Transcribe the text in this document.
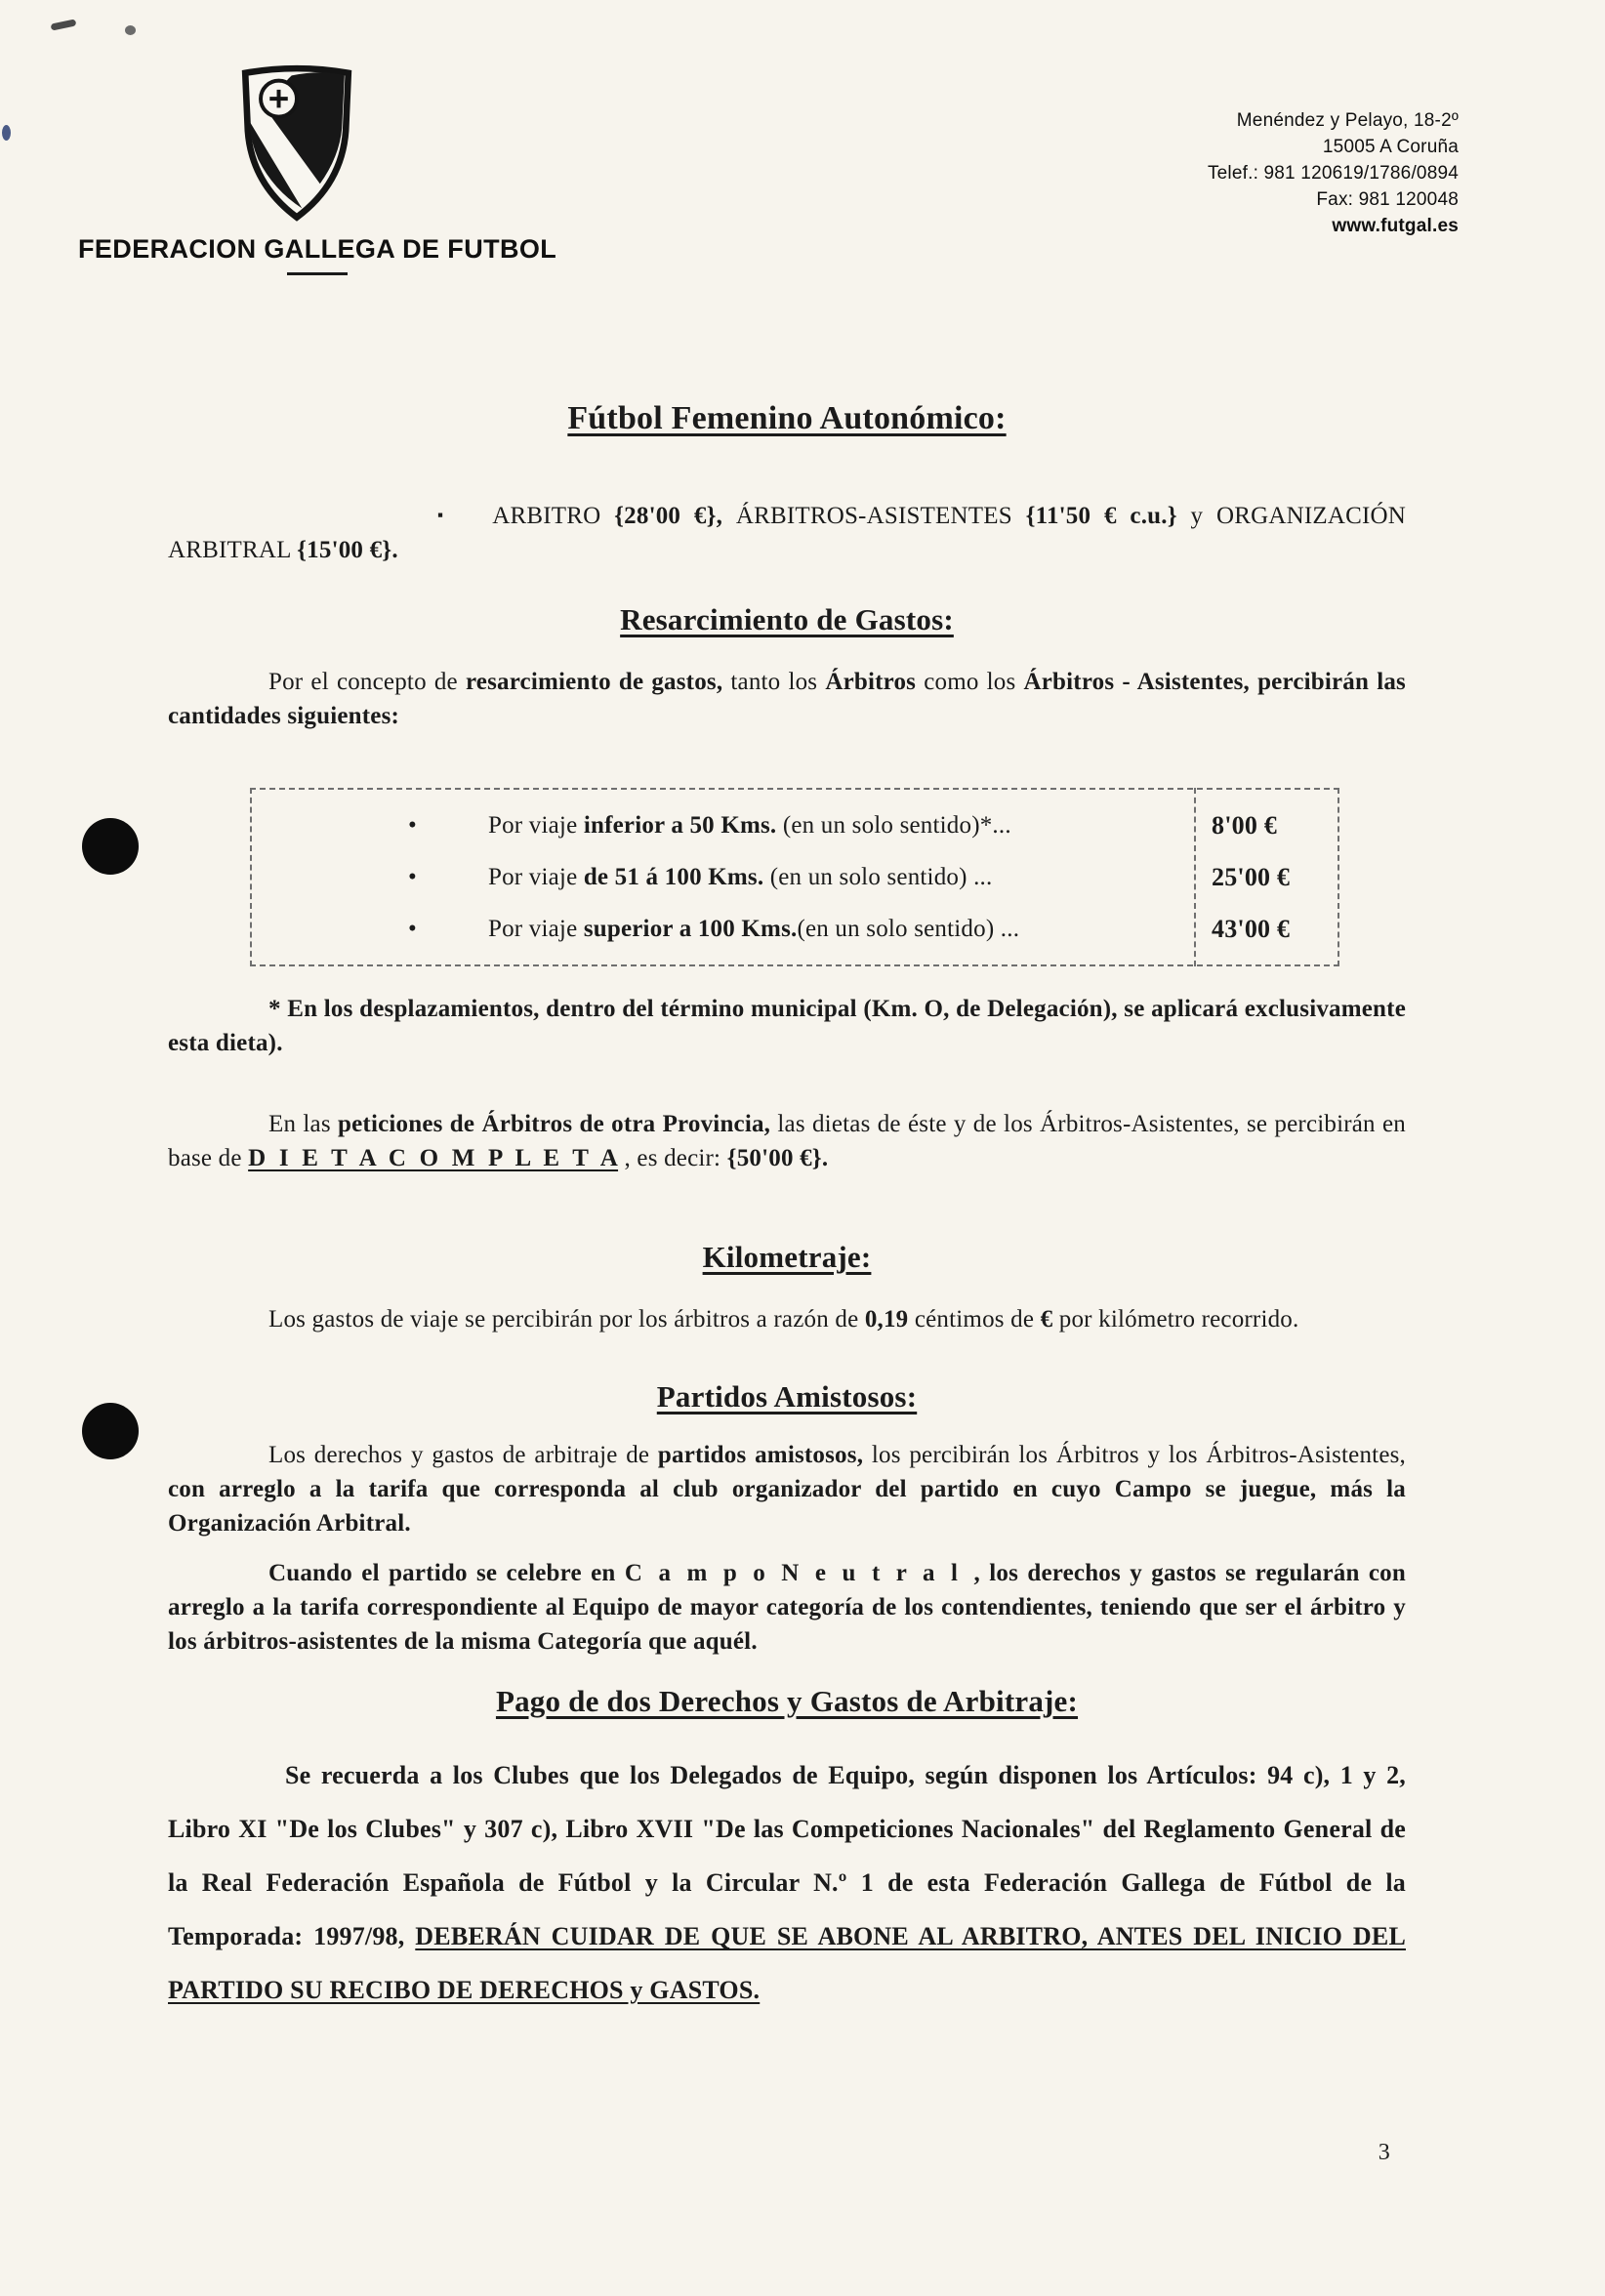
FEDERACION GALLEGA DE FUTBOL
Menéndez y Pelayo, 18-2º
15005 A Coruña
Telef.: 981 120619/1786/0894
Fax: 981 120048
www.futgal.es
Fútbol Femenino Autonómico:

▪ ARBITRO {28'00 €}, ÁRBITROS-ASISTENTES {11'50 € c.u.} y ORGANIZACIÓN ARBITRAL {15'00 €}.

Resarcimiento de Gastos:

Por el concepto de resarcimiento de gastos, tanto los Árbitros como los Árbitros - Asistentes, percibirán las cantidades siguientes:

•	Por viaje inferior a 50 Kms. (en un solo sentido)*...	8'00 €
•	Por viaje de 51 á 100 Kms. (en un solo sentido) ...	25'00 €
•	Por viaje superior a 100 Kms.(en un solo sentido) ...	43'00 €

* En los desplazamientos, dentro del término municipal (Km. O, de Delegación), se aplicará exclusivamente esta dieta).

En las peticiones de Árbitros de otra Provincia, las dietas de éste y de los Árbitros-Asistentes, se percibirán en base de D I E T A C O M P L E T A , es decir: {50'00 €}.

Kilometraje:

Los gastos de viaje se percibirán por los árbitros a razón de 0,19 céntimos de € por kilómetro recorrido.

Partidos Amistosos:

Los derechos y gastos de arbitraje de partidos amistosos, los percibirán los Árbitros y los Árbitros-Asistentes, con arreglo a la tarifa que corresponda al club organizador del partido en cuyo Campo se juegue, más la Organización Arbitral.

Cuando el partido se celebre en C a m p o N e u t r a l , los derechos y gastos se regularán con arreglo a la tarifa correspondiente al Equipo de mayor categoría de los contendientes, teniendo que ser el árbitro y los árbitros-asistentes de la misma Categoría que aquél.

Pago de dos Derechos y Gastos de Arbitraje:

Se recuerda a los Clubes que los Delegados de Equipo, según disponen los Artículos: 94 c), 1 y 2, Libro XI "De los Clubes" y 307 c), Libro XVII "De las Competiciones Nacionales" del Reglamento General de la Real Federación Española de Fútbol y la Circular N.º 1 de esta Federación Gallega de Fútbol de la Temporada: 1997/98, DEBERÁN CUIDAR DE QUE SE ABONE AL ARBITRO, ANTES DEL INICIO DEL PARTIDO SU RECIBO DE DERECHOS y GASTOS.

3
